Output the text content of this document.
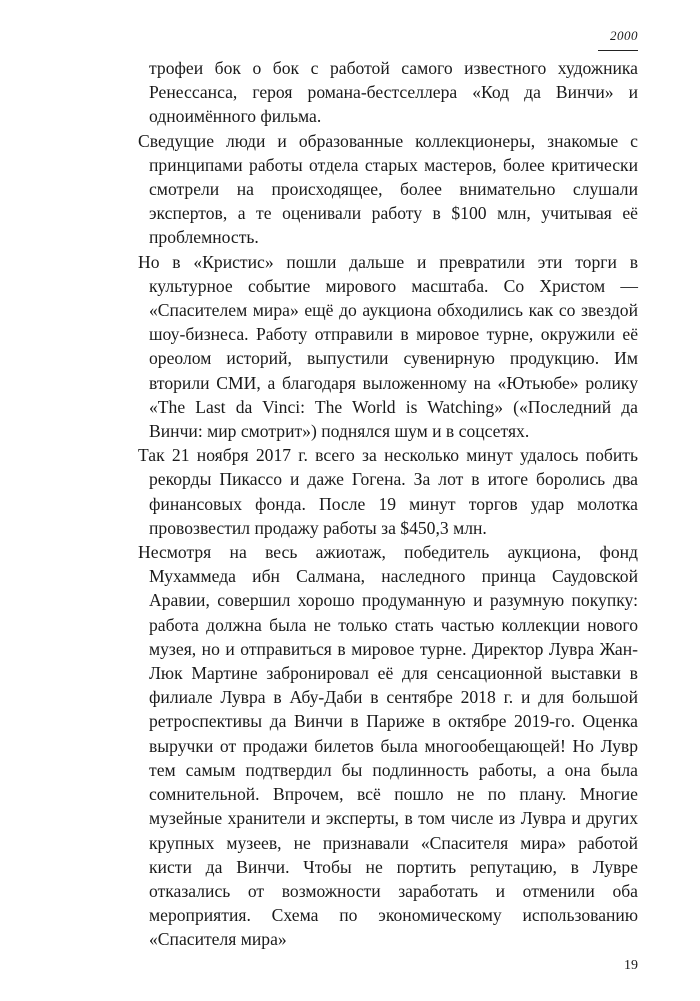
2000

трофеи бок о бок с работой самого известного художника Ренессанса, героя романа-бестселлера «Код да Винчи» и одноимённого фильма.

Сведущие люди и образованные коллекционеры, знакомые с принципами работы отдела старых мастеров, более критически смотрели на происходящее, более внимательно слушали экспертов, а те оценивали работу в $100 млн, учитывая её проблемность.

Но в «Кристис» пошли дальше и превратили эти торги в культурное событие мирового масштаба. Со Христом — «Спасителем мира» ещё до аукциона обходились как со звездой шоу-бизнеса. Работу отправили в мировое турне, окружили её ореолом историй, выпустили сувенирную продукцию. Им вторили СМИ, а благодаря выложенному на «Ютьюбе» ролику «The Last da Vinci: The World is Watching» («Последний да Винчи: мир смотрит») поднялся шум и в соцсетях.

Так 21 ноября 2017 г. всего за несколько минут удалось побить рекорды Пикассо и даже Гогена. За лот в итоге боролись два финансовых фонда. После 19 минут торгов удар молотка провозвестил продажу работы за $450,3 млн.

Несмотря на весь ажиотаж, победитель аукциона, фонд Мухаммеда ибн Салмана, наследного принца Саудовской Аравии, совершил хорошо продуманную и разумную покупку: работа должна была не только стать частью коллекции нового музея, но и отправиться в мировое турне. Директор Лувра Жан-Люк Мартине забронировал её для сенсационной выставки в филиале Лувра в Абу-Даби в сентябре 2018 г. и для большой ретроспективы да Винчи в Париже в октябре 2019-го. Оценка выручки от продажи билетов была многообещающей! Но Лувр тем самым подтвердил бы подлинность работы, а она была сомнительной. Впрочем, всё пошло не по плану. Многие музейные хранители и эксперты, в том числе из Лувра и других крупных музеев, не признавали «Спасителя мира» работой кисти да Винчи. Чтобы не портить репутацию, в Лувре отказались от возможности заработать и отменили оба мероприятия. Схема по экономическому использованию «Спасителя мира»

19
